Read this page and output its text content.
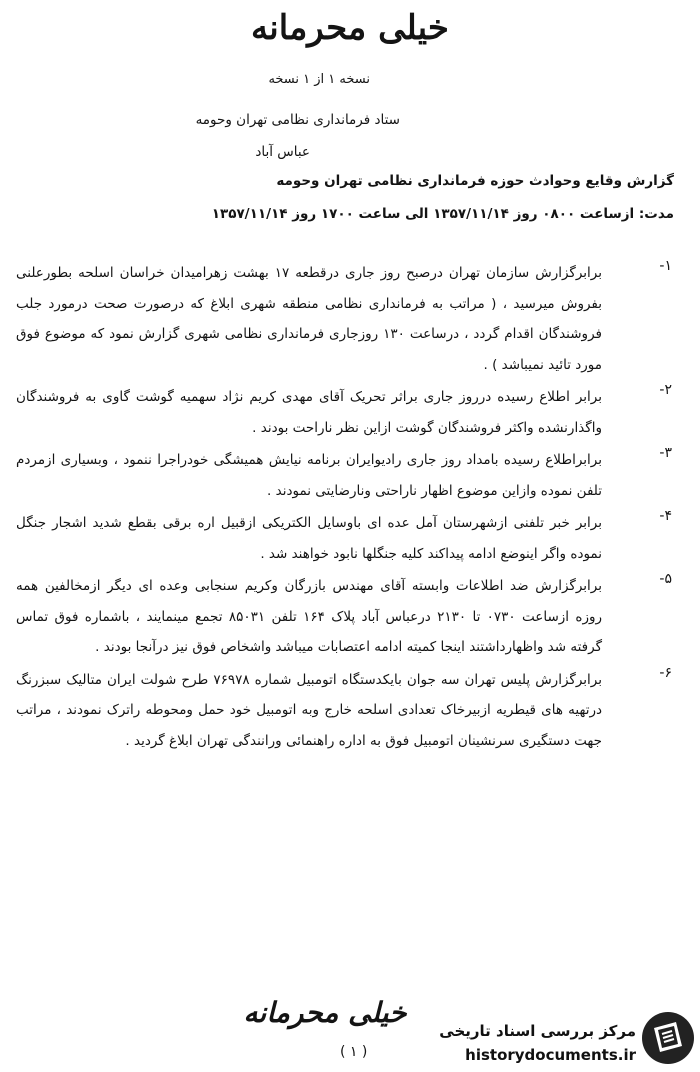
خیلی محرمانه
نسخه ۱ از ۱ نسخه
ستاد فرمانداری نظامی تهران وحومه
عباس آباد
گزارش وقایع وحوادث حوزه فرمانداری نظامی تهران وحومه
مدت: ازساعت ۰۸۰۰ روز ۱۳۵۷/۱۱/۱۴ الی ساعت ۱۷۰۰ روز ۱۳۵۷/۱۱/۱۴
۱-
برابرگزارش سازمان تهران درصبح روز جاری درقطعه ۱۷ بهشت زهرامیدان خراسان اسلحه بطورعلنی بفروش میرسید ، ( مراتب به فرمانداری نظامی منطقه شهری ابلاغ که درصورت صحت درمورد جلب فروشندگان اقدام گردد ، درساعت ۱۳۰ روزجاری فرمانداری نظامی شهری گزارش نمود که موضوع فوق مورد تائید نمیباشد ) .
۲-
برابر اطلاع رسیده درروز جاری براثر تحریک آقای مهدی کریم نژاد سهمیه گوشت گاوی به فروشندگان واگذارنشده واکثر فروشندگان گوشت ازاین نظر ناراحت بودند .
۳-
برابراطلاع رسیده بامداد روز جاری رادیوایران برنامه نیایش همیشگی خودراجرا ننمود ، وبسیاری ازمردم تلفن نموده وازاین موضوع اظهار ناراحتی ونارضایتی نمودند .
۴-
برابر خبر تلفنی ازشهرستان آمل عده ای باوسایل الکتریکی ازقبیل اره برقی بقطع شدید اشجار جنگل نموده واگر اینوضع ادامه پیداکند کلیه جنگلها نابود خواهند شد .
۵-
برابرگزارش ضد اطلاعات وابسته آقای مهندس بازرگان وکریم سنجابی وعده ای دیگر ازمخالفین همه روزه ازساعت ۰۷۳۰ تا ۲۱۳۰ درعباس آباد پلاک ۱۶۴ تلفن ۸۵۰۳۱ تجمع مینمایند ، باشماره فوق تماس گرفته شد واظهارداشتند اینجا کمیته ادامه اعتصابات میباشد واشخاص فوق نیز درآنجا بودند .
۶-
برابرگزارش پلیس تهران سه جوان بایکدستگاه اتومبیل شماره ۷۶۹۷۸ طرح شولت ایران متالیک سبزرنگ درتهیه های قیطریه ازبیرخاک تعدادی اسلحه خارج وبه اتومبیل خود حمل ومحوطه راترک نمودند ، مراتب جهت دستگیری سرنشینان اتومبیل فوق به اداره راهنمائی ورانندگی تهران ابلاغ گردید .
خیلی محرمانه
( ۱ )
مرکز بررسی اسناد تاریخی
historydocuments.ir
